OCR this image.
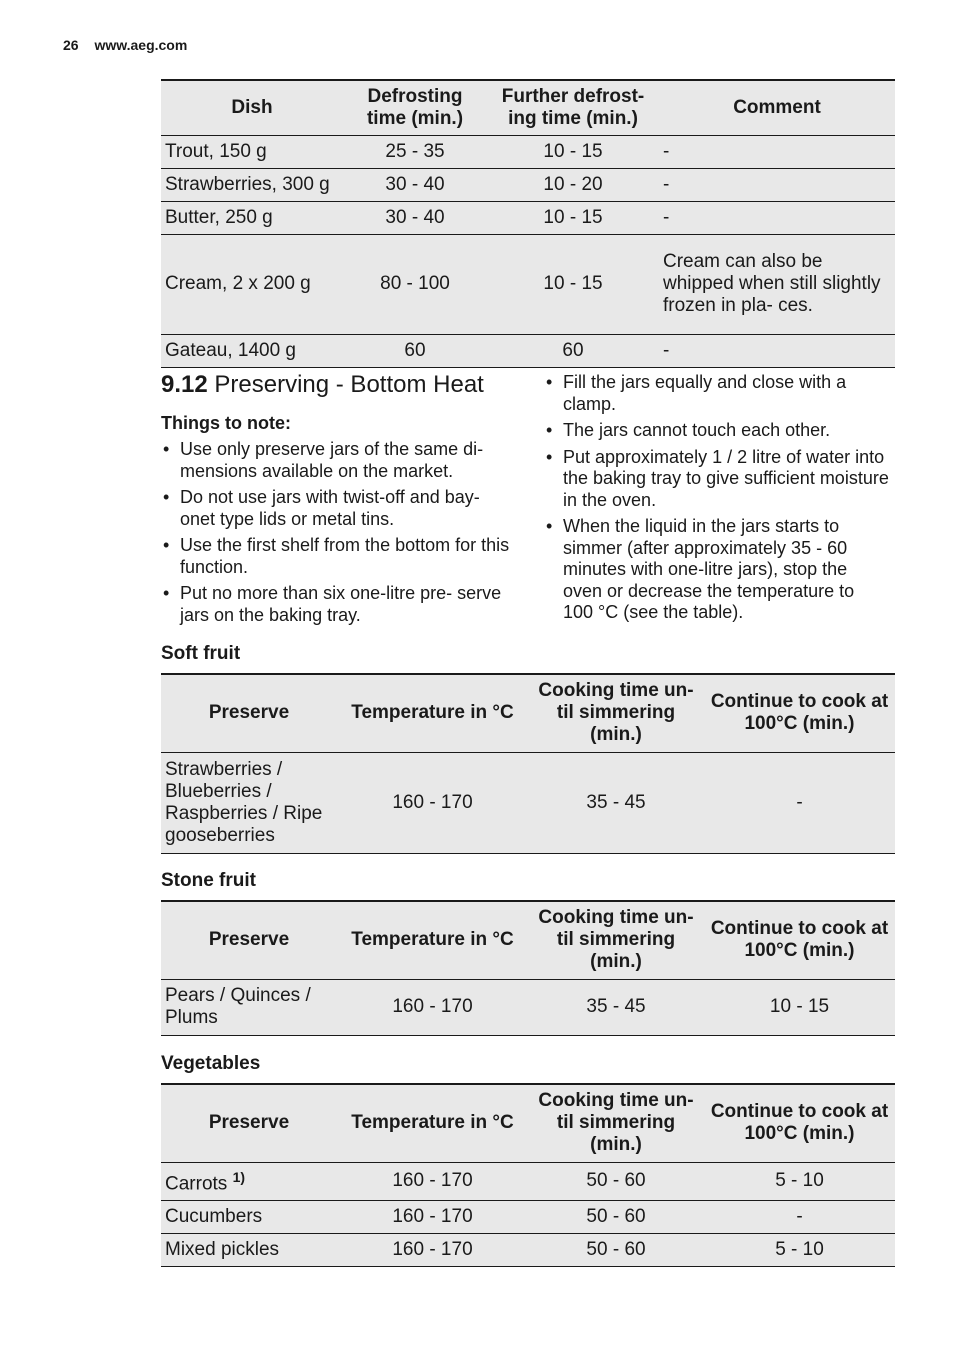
26 www.aeg.com
Dish	Defrosting time (min.)	Further defrost- ing time (min.)	Comment
Trout, 150 g	25 - 35	10 - 15	-
Strawberries, 300 g	30 - 40	10 - 20	-
Butter, 250 g	30 - 40	10 - 15	-
Cream, 2 x 200 g	80 - 100	10 - 15	Cream can also be whipped when still slightly frozen in pla- ces.
Gateau, 1400 g	60	60	-
9.12 Preserving - Bottom Heat
Things to note:
• Use only preserve jars of the same di- mensions available on the market.
• Do not use jars with twist-off and bay- onet type lids or metal tins.
• Use the first shelf from the bottom for this function.
• Put no more than six one-litre pre- serve jars on the baking tray.
• Fill the jars equally and close with a clamp.
• The jars cannot touch each other.
• Put approximately 1 / 2 litre of water into the baking tray to give sufficient moisture in the oven.
• When the liquid in the jars starts to simmer (after approximately 35 - 60 minutes with one-litre jars), stop the oven or decrease the temperature to 100 °C (see the table).
Soft fruit
Preserve	Temperature in °C	Cooking time un- til simmering (min.)	Continue to cook at 100°C (min.)
Strawberries / Blueberries / Raspberries / Ripe gooseberries	160 - 170	35 - 45	-
Stone fruit
Preserve	Temperature in °C	Cooking time un- til simmering (min.)	Continue to cook at 100°C (min.)
Pears / Quinces / Plums	160 - 170	35 - 45	10 - 15
Vegetables
Preserve	Temperature in °C	Cooking time un- til simmering (min.)	Continue to cook at 100°C (min.)
Carrots $^{1)}$	160 - 170	50 - 60	5 - 10
Cucumbers	160 - 170	50 - 60	-
Mixed pickles	160 - 170	50 - 60	5 - 10
